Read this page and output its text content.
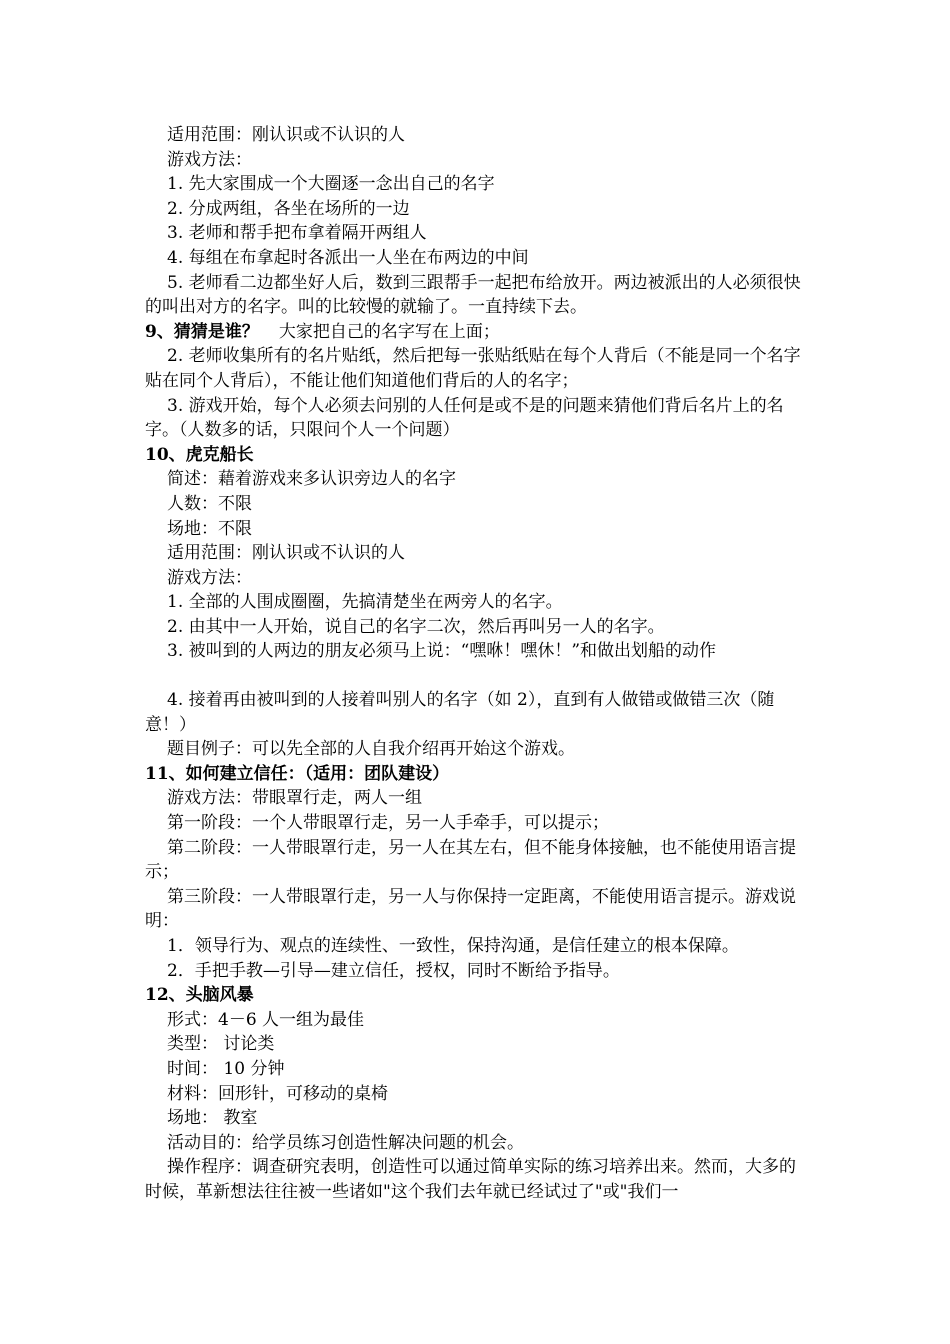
适用范围：刚认识或不认识的人
游戏方法：
1. 先大家围成一个大圈逐一念出自己的名字
2. 分成两组，各坐在场所的一边
3. 老师和帮手把布拿着隔开两组人
4. 每组在布拿起时各派出一人坐在布两边的中间
5. 老师看二边都坐好人后，数到三跟帮手一起把布给放开。两边被派出的人必须很快的叫出对方的名字。叫的比较慢的就输了。一直持续下去。
9、猜猜是谁？ 大家把自己的名字写在上面；
2. 老师收集所有的名片贴纸，然后把每一张贴纸贴在每个人背后（不能是同一个名字贴在同个人背后），不能让他们知道他们背后的人的名字；
3. 游戏开始，每个人必须去问别的人任何是或不是的问题来猜他们背后名片上的名字。（人数多的话，只限问个人一个问题）
10、虎克船长
简述：藉着游戏来多认识旁边人的名字
人数：不限
场地：不限
适用范围：刚认识或不认识的人
游戏方法：
1. 全部的人围成圈圈，先搞清楚坐在两旁人的名字。
2. 由其中一人开始，说自己的名字二次，然后再叫另一人的名字。
3. 被叫到的人两边的朋友必须马上说：“嘿咻！嘿休！”和做出划船的动作
4. 接着再由被叫到的人接着叫别人的名字（如 2），直到有人做错或做错三次（随意！）
题目例子：可以先全部的人自我介绍再开始这个游戏。
11、如何建立信任：（适用：团队建设）
游戏方法：带眼罩行走，两人一组
第一阶段：一个人带眼罩行走，另一人手牵手，可以提示；
第二阶段：一人带眼罩行走，另一人在其左右，但不能身体接触，也不能使用语言提示；
第三阶段：一人带眼罩行走，另一人与你保持一定距离，不能使用语言提示。游戏说明：
1．领导行为、观点的连续性、一致性，保持沟通，是信任建立的根本保障。
2．手把手教—引导—建立信任，授权，同时不断给予指导。
12、头脑风暴
形式：4－6 人一组为最佳
类型： 讨论类
时间： 10 分钟
材料：回形针，可移动的桌椅
场地： 教室
活动目的：给学员练习创造性解决问题的机会。
操作程序：调查研究表明，创造性可以通过简单实际的练习培养出来。然而，大多的时候，革新想法往往被一些诸如"这个我们去年就已经试过了"或"我们一
